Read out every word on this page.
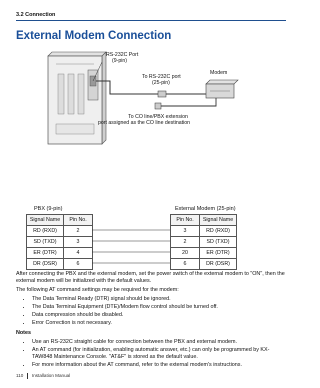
3.2 Connection
External Modem Connection
RS-232C Port
(9-pin)
To RS-232C port
(25-pin)
Modem
To CO line/PBX extension
port assigned as the CO line destination
PBX (9-pin)	External Modem (25-pin)
Signal Name	Pin No.
RD (RXD)	2
SD (TXD)	3
ER (DTR)	4
DR (DSR)	6
Pin No.	Signal Name
3	RD (RXD)
2	SD (TXD)
20	ER (DTR)
6	DR (DSR)

After connecting the PBX and the external modem, set the power switch of the external modem to "ON", then the external modem will be initialized with the default values.

The following AT command settings may be required for the modem:

• The Data Terminal Ready (DTR) signal should be ignored.
• The Data Terminal Equipment (DTE)/Modem flow control should be turned off.
• Data compression should be disabled.
• Error Correction is not necessary.

Notes

• Use an RS-232C straight cable for connection between the PBX and external modem.
• An AT command (for initialization, enabling automatic answer, etc.) can only be programmed by KX-TAW848 Maintenance Console. "AT&F" is stored as the default value.
• For more information about the AT command, refer to the external modem's instructions.
110 Installation Manual
